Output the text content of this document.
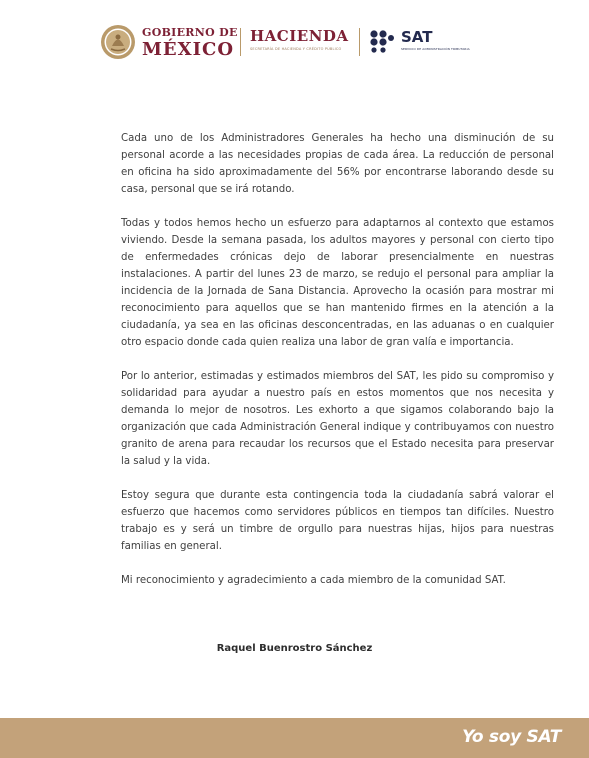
GOBIERNO DE
MÉXICO
HACIENDA
SECRETARÍA DE HACIENDA Y CRÉDITO PÚBLICO
SAT
SERVICIO DE ADMINISTRACIÓN TRIBUTARIA

Cada uno de los Administradores Generales ha hecho una disminución de su personal acorde a las necesidades propias de cada área. La reducción de personal en oficina ha sido aproximadamente del 56% por encontrarse laborando desde su casa, personal que se irá rotando.

Todas y todos hemos hecho un esfuerzo para adaptarnos al contexto que estamos viviendo. Desde la semana pasada, los adultos mayores y personal con cierto tipo de enfermedades crónicas dejo de laborar presencialmente en nuestras instalaciones. A partir del lunes 23 de marzo, se redujo el personal para ampliar la incidencia de la Jornada de Sana Distancia. Aprovecho la ocasión para mostrar mi reconocimiento para aquellos que se han mantenido firmes en la atención a la ciudadanía, ya sea en las oficinas desconcentradas, en las aduanas o en cualquier otro espacio donde cada quien realiza una labor de gran valía e importancia.

Por lo anterior, estimadas y estimados miembros del SAT, les pido su compromiso y solidaridad para ayudar a nuestro país en estos momentos que nos necesita y demanda lo mejor de nosotros. Les exhorto a que sigamos colaborando bajo la organización que cada Administración General indique y contribuyamos con nuestro granito de arena para recaudar los recursos que el Estado necesita para preservar la salud y la vida.

Estoy segura que durante esta contingencia toda la ciudadanía sabrá valorar el esfuerzo que hacemos como servidores públicos en tiempos tan difíciles. Nuestro trabajo es y será un timbre de orgullo para nuestras hijas, hijos para nuestras familias en general.

Mi reconocimiento y agradecimiento a cada miembro de la comunidad SAT.

Raquel Buenrostro Sánchez
Yo soy SAT
